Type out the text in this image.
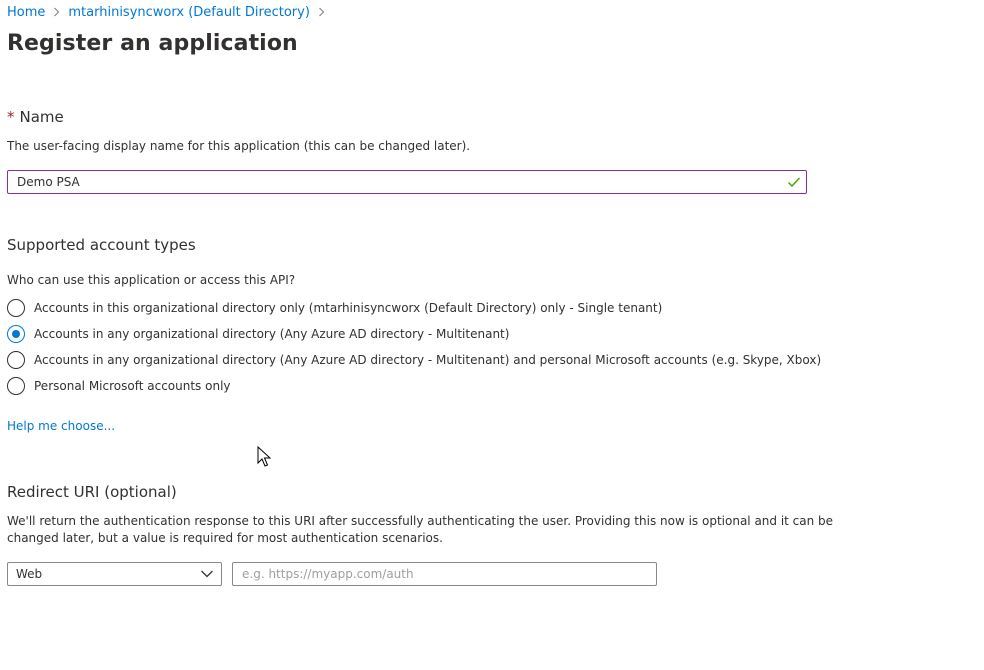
Home mtarhinisyncworx (Default Directory)
Register an application
* Name
The user-facing display name for this application (this can be changed later).
Demo PSA
Supported account types
Who can use this application or access this API?
Accounts in this organizational directory only (mtarhinisyncworx (Default Directory) only - Single tenant)
Accounts in any organizational directory (Any Azure AD directory - Multitenant)
Accounts in any organizational directory (Any Azure AD directory - Multitenant) and personal Microsoft accounts (e.g. Skype, Xbox)
Personal Microsoft accounts only
Help me choose...
Redirect URI (optional)
We'll return the authentication response to this URI after successfully authenticating the user. Providing this now is optional and it can be
changed later, but a value is required for most authentication scenarios.
Web
e.g. https://myapp.com/auth
